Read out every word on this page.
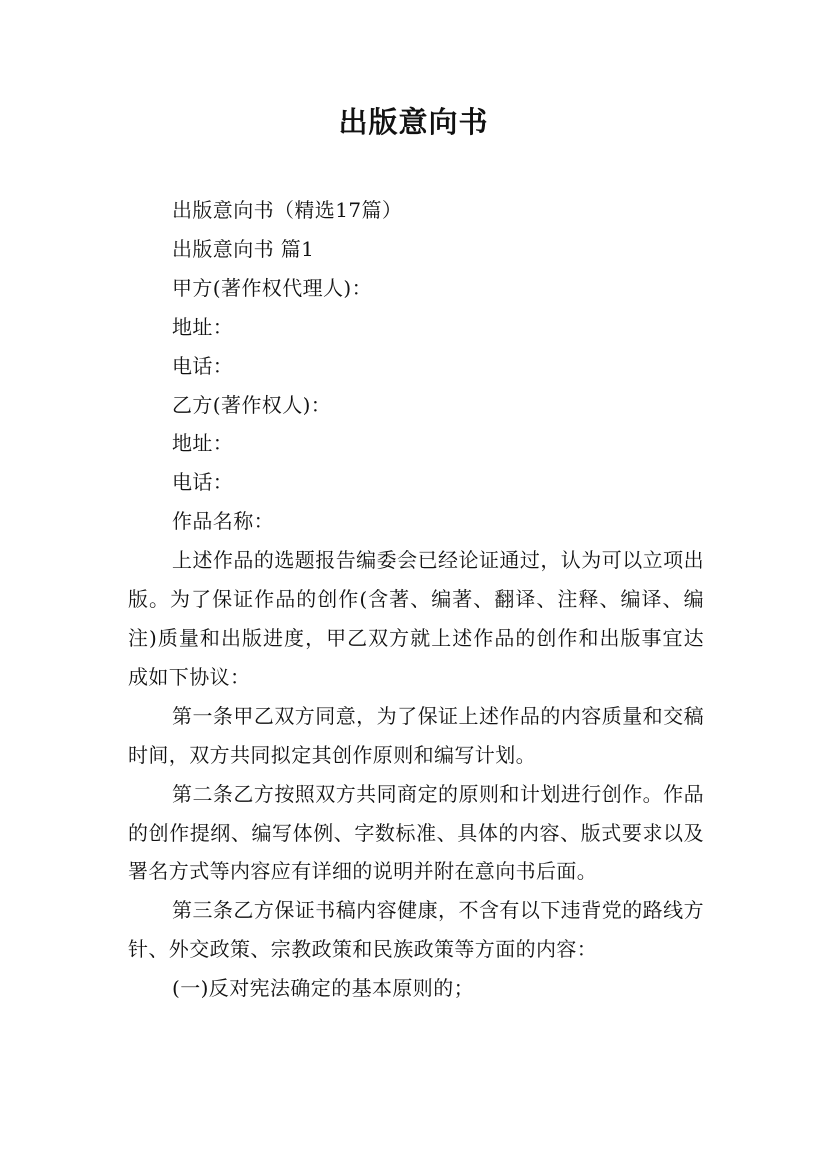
出版意向书

出版意向书（精选17篇）

出版意向书 篇1

甲方(著作权代理人)：

地址：

电话：

乙方(著作权人)：

地址：

电话：

作品名称：

上述作品的选题报告编委会已经论证通过，认为可以立项出版。为了保证作品的创作(含著、编著、翻译、注释、编译、编注)质量和出版进度，甲乙双方就上述作品的创作和出版事宜达成如下协议：

第一条甲乙双方同意，为了保证上述作品的内容质量和交稿时间，双方共同拟定其创作原则和编写计划。

第二条乙方按照双方共同商定的原则和计划进行创作。作品的创作提纲、编写体例、字数标准、具体的内容、版式要求以及署名方式等内容应有详细的说明并附在意向书后面。

第三条乙方保证书稿内容健康，不含有以下违背党的路线方针、外交政策、宗教政策和民族政策等方面的内容：

(一)反对宪法确定的基本原则的；
